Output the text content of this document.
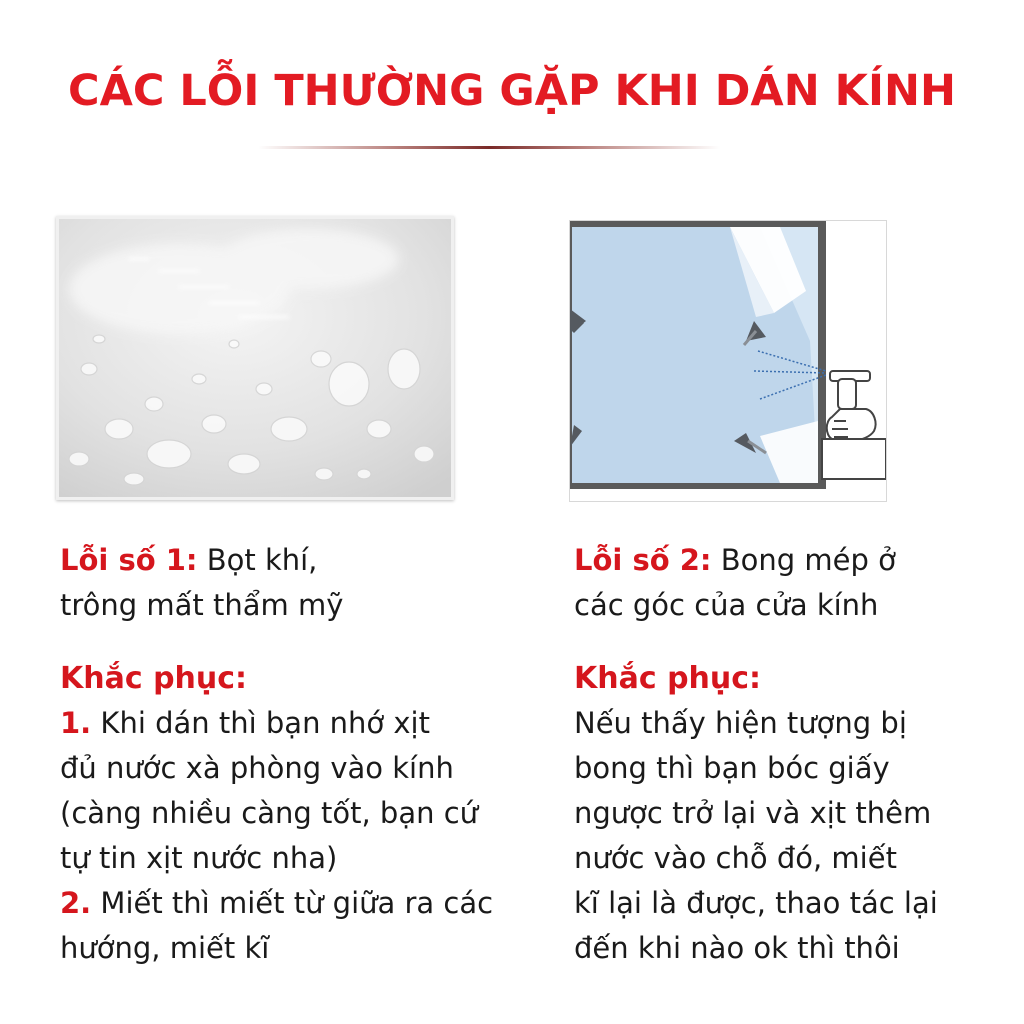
CÁC LỖI THƯỜNG GẶP KHI DÁN KÍNH
Lỗi số 1: Bọt khí,
trông mất thẩm mỹ
Khắc phục:
1. Khi dán thì bạn nhớ xịt
đủ nước xà phòng vào kính
(càng nhiều càng tốt, bạn cứ
tự tin xịt nước nha)
2. Miết thì miết từ giữa ra các
hướng, miết kĩ
Lỗi số 2: Bong mép ở
các góc của cửa kính
Khắc phục:
Nếu thấy hiện tượng bị
bong thì bạn bóc giấy
ngược trở lại và xịt thêm
nước vào chỗ đó, miết
kĩ lại là được, thao tác lại
đến khi nào ok thì thôi
